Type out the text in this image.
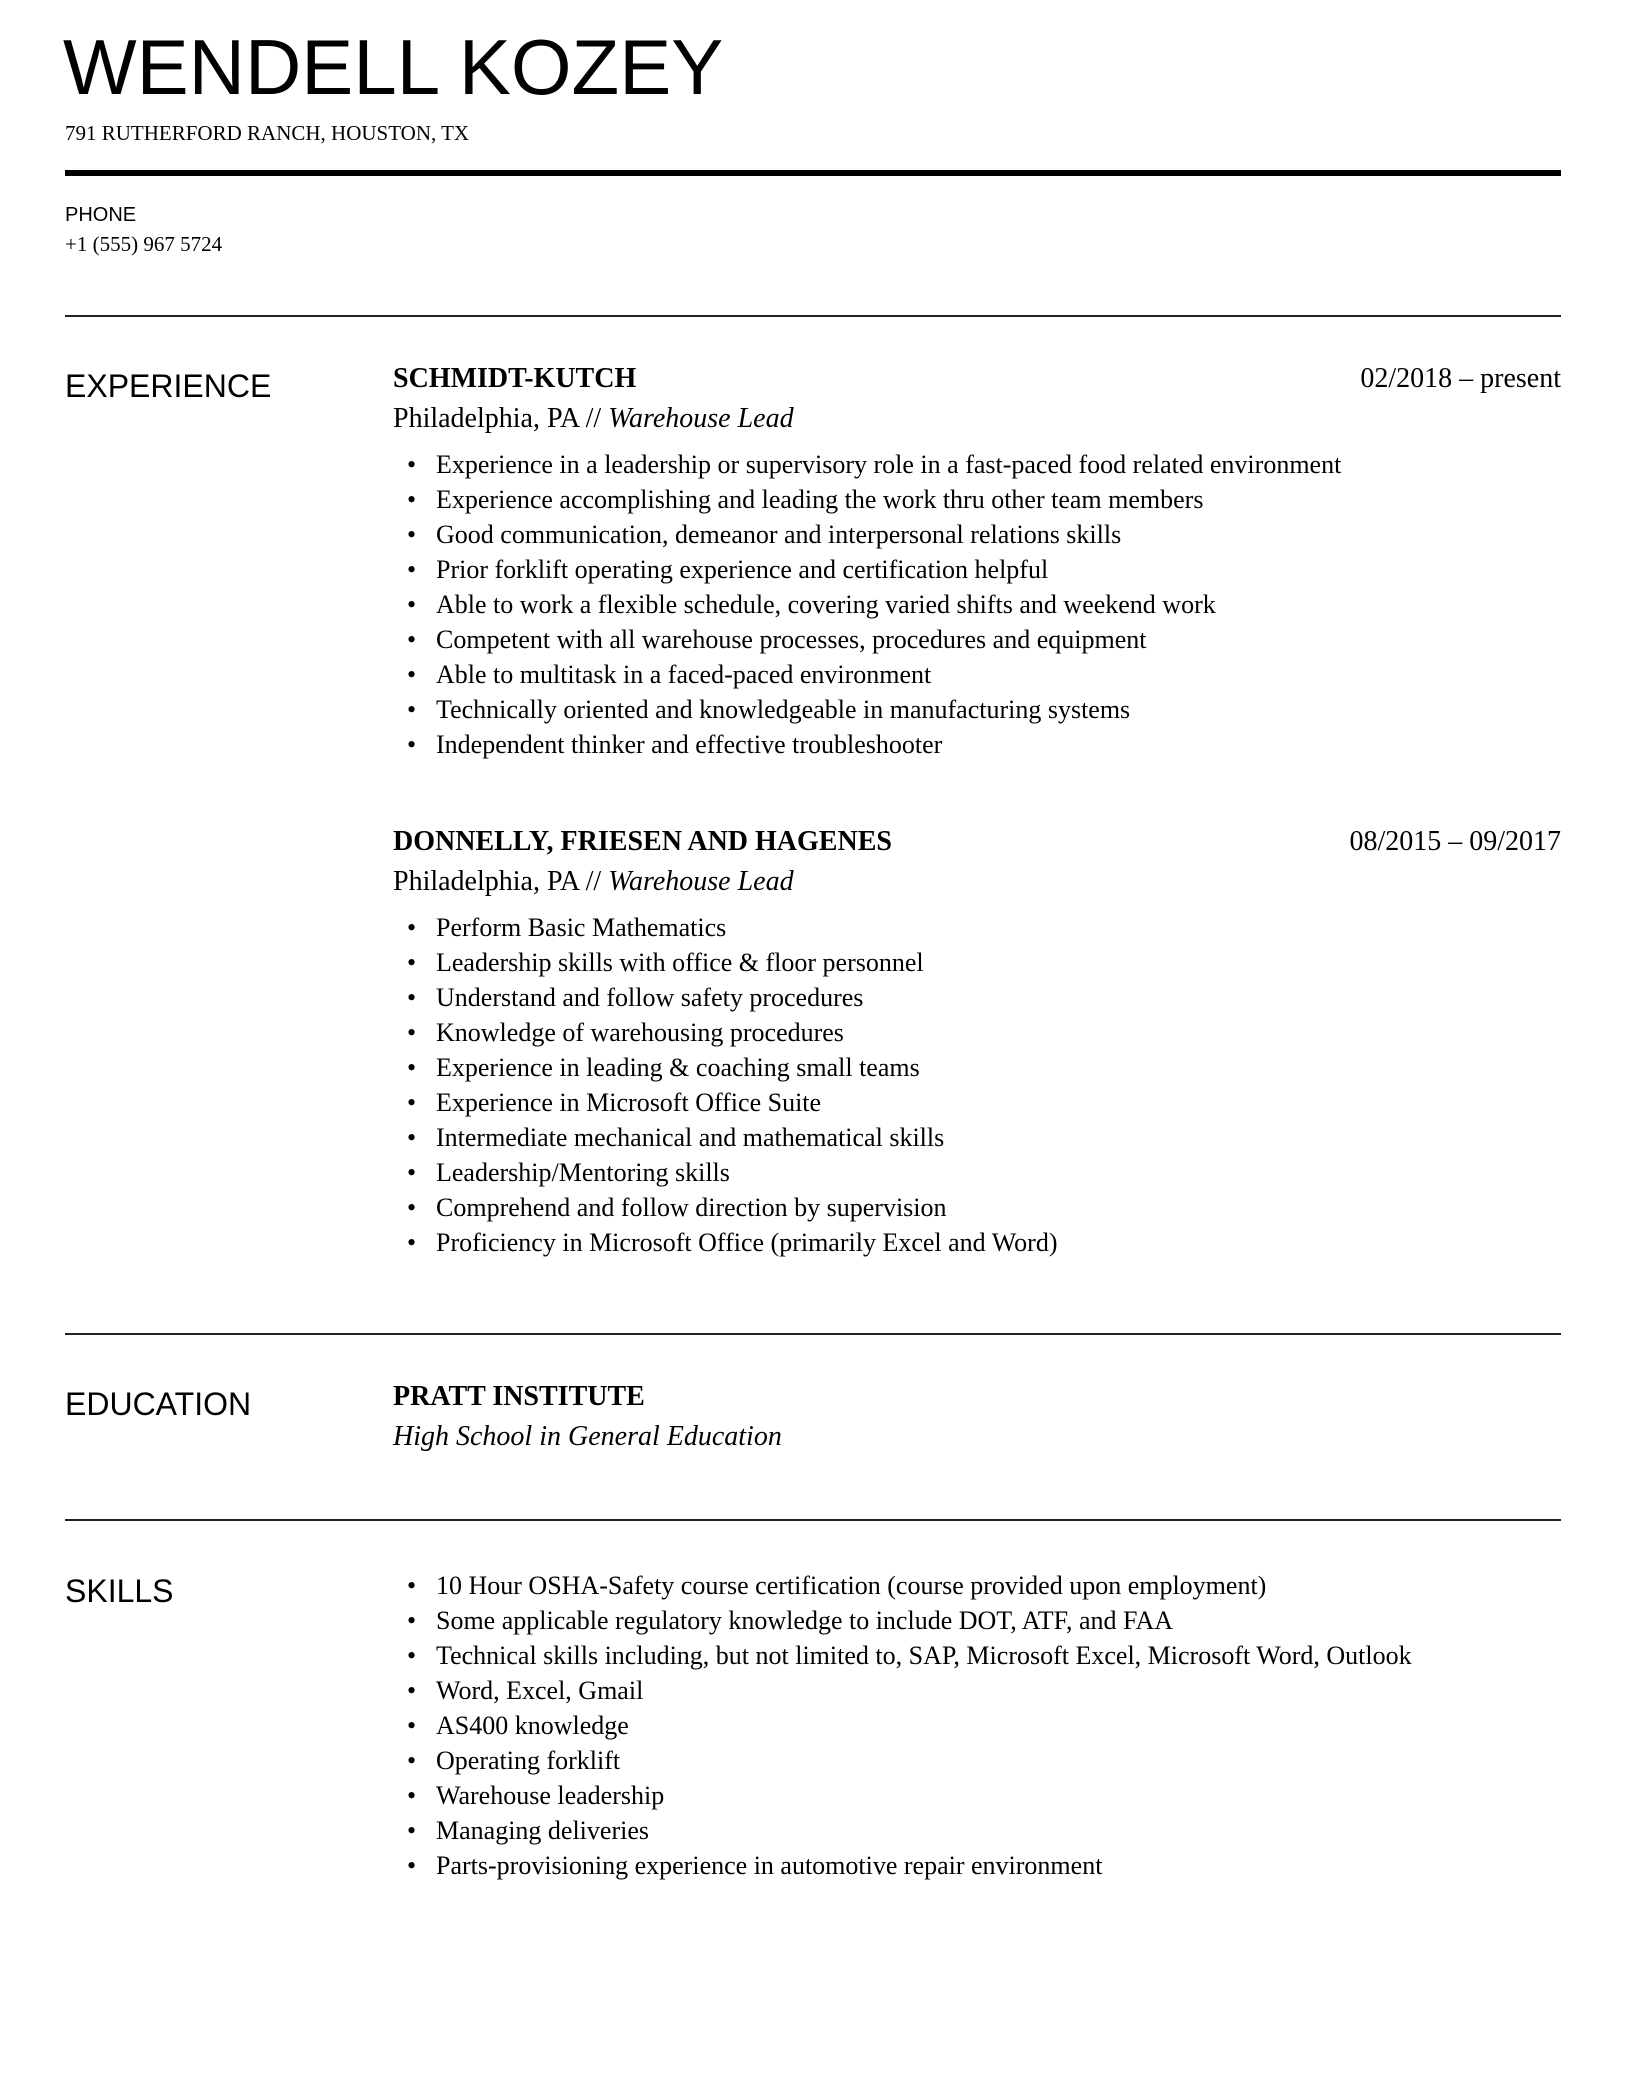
WENDELL KOZEY
791 RUTHERFORD RANCH, HOUSTON, TX
PHONE
+1 (555) 967 5724
EXPERIENCE	SCHMIDT-KUTCH	02/2018 – present
Philadelphia, PA // Warehouse Lead
• Experience in a leadership or supervisory role in a fast-paced food related environment
• Experience accomplishing and leading the work thru other team members
• Good communication, demeanor and interpersonal relations skills
• Prior forklift operating experience and certification helpful
• Able to work a flexible schedule, covering varied shifts and weekend work
• Competent with all warehouse processes, procedures and equipment
• Able to multitask in a faced-paced environment
• Technically oriented and knowledgeable in manufacturing systems
• Independent thinker and effective troubleshooter
DONNELLY, FRIESEN AND HAGENES	08/2015 – 09/2017
Philadelphia, PA // Warehouse Lead
• Perform Basic Mathematics
• Leadership skills with office & floor personnel
• Understand and follow safety procedures
• Knowledge of warehousing procedures
• Experience in leading & coaching small teams
• Experience in Microsoft Office Suite
• Intermediate mechanical and mathematical skills
• Leadership/Mentoring skills
• Comprehend and follow direction by supervision
• Proficiency in Microsoft Office (primarily Excel and Word)
EDUCATION	PRATT INSTITUTE
High School in General Education
SKILLS	• 10 Hour OSHA-Safety course certification (course provided upon employment)
• Some applicable regulatory knowledge to include DOT, ATF, and FAA
• Technical skills including, but not limited to, SAP, Microsoft Excel, Microsoft Word, Outlook
• Word, Excel, Gmail
• AS400 knowledge
• Operating forklift
• Warehouse leadership
• Managing deliveries
• Parts-provisioning experience in automotive repair environment
